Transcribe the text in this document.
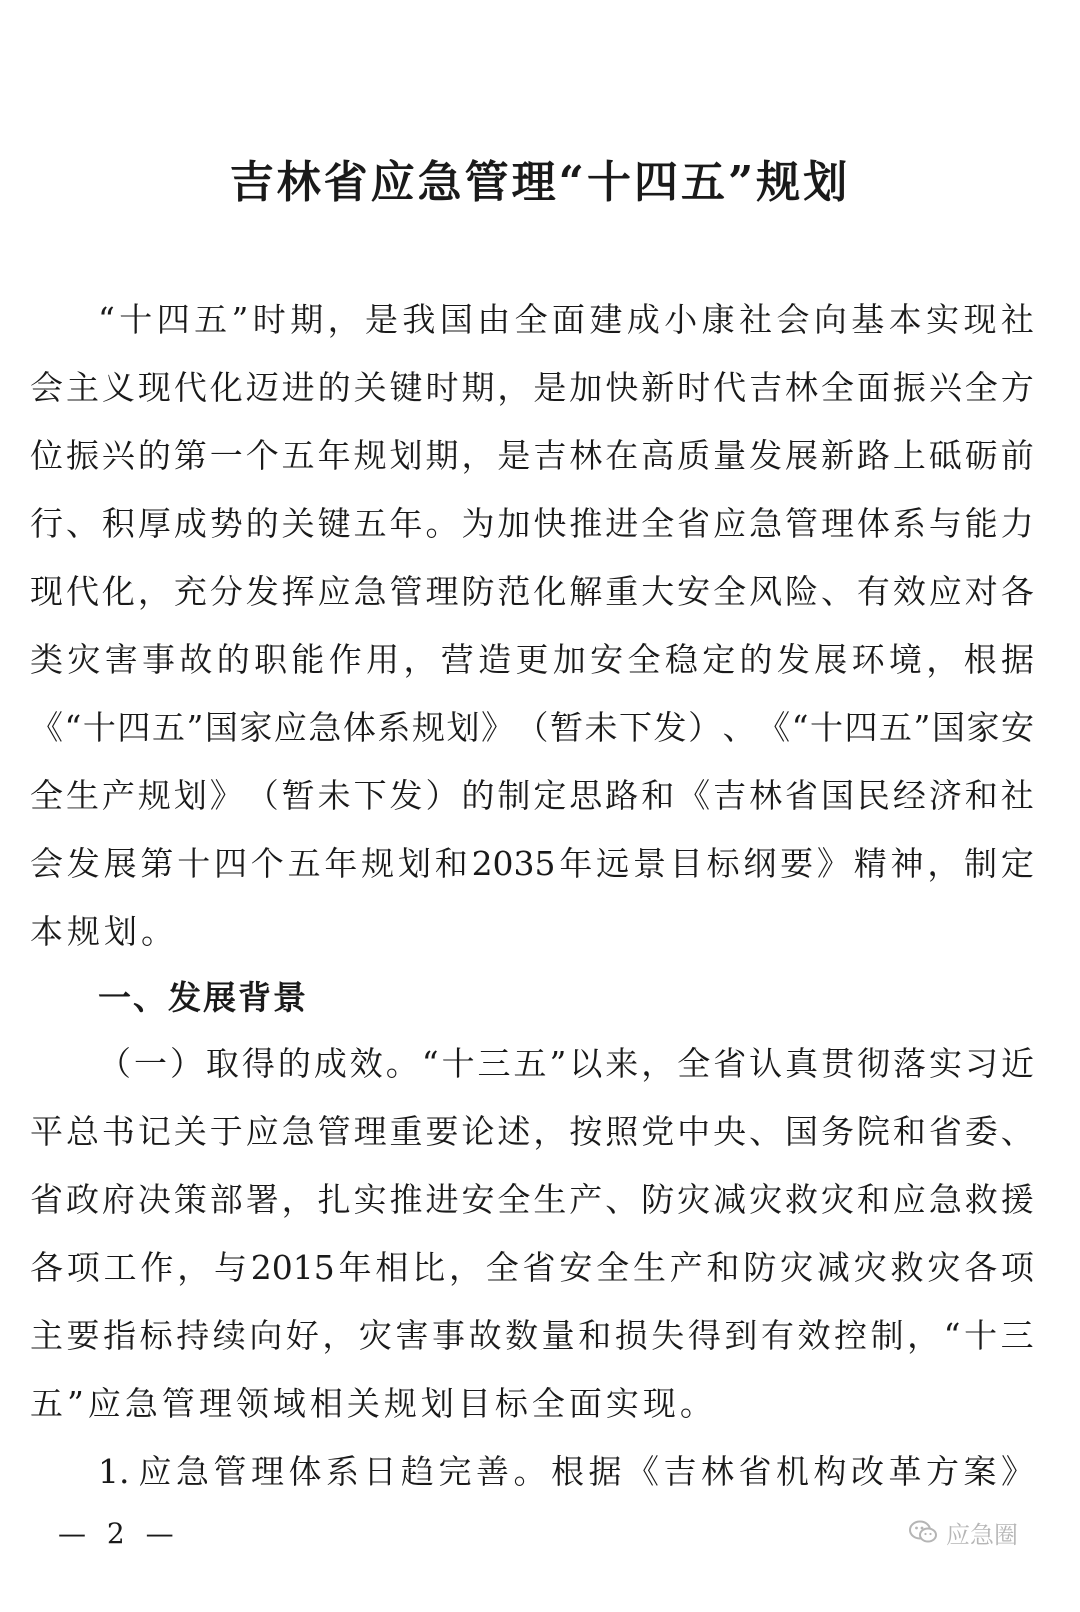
吉林省应急管理“十四五”规划
“ 十 四 五 ” 时 期 ， 是 我 国 由 全 面 建 成 小 康 社 会 向 基 本 实 现 社
会 主 义 现 代 化 迈 进 的 关 键 时 期 ， 是 加 快 新 时 代 吉 林 全 面 振 兴 全 方
位 振 兴 的 第 一 个 五 年 规 划 期 ， 是 吉 林 在 高 质 量 发 展 新 路 上 砥 砺 前
行 、 积 厚 成 势 的 关 键 五 年 。 为 加 快 推 进 全 省 应 急 管 理 体 系 与 能 力
现 代 化 ， 充 分 发 挥 应 急 管 理 防 范 化 解 重 大 安 全 风 险 、 有 效 应 对 各
类 灾 害 事 故 的 职 能 作 用 ， 营 造 更 加 安 全 稳 定 的 发 展 环 境 ， 根 据
《 “ 十 四 五 ” 国 家 应 急 体 系 规 划 》 （ 暂 未 下 发 ） 、 《 “ 十 四 五 ” 国 家 安
全 生 产 规 划 》 （ 暂 未 下 发 ） 的 制 定 思 路 和 《 吉 林 省 国 民 经 济 和 社
会 发 展 第 十 四 个 五 年 规 划 和 2035 年 远 景 目 标 纲 要 》 精 神 ， 制 定
本规划。
一、发展背景
（ 一 ） 取 得 的 成 效 。 “ 十 三 五 ” 以 来 ， 全 省 认 真 贯 彻 落 实 习 近
平 总 书 记 关 于 应 急 管 理 重 要 论 述 ， 按 照 党 中 央 、 国 务 院 和 省 委 、
省 政 府 决 策 部 署 ， 扎 实 推 进 安 全 生 产 、 防 灾 减 灾 救 灾 和 应 急 救 援
各 项 工 作 ， 与 2015 年 相 比 ， 全 省 安 全 生 产 和 防 灾 减 灾 救 灾 各 项
主 要 指 标 持 续 向 好 ， 灾 害 事 故 数 量 和 损 失 得 到 有 效 控 制 ， “ 十 三
五”应急管理领域相关规划目标全面实现。
1. 应 急 管 理 体 系 日 趋 完 善 。 根 据 《 吉 林 省 机 构 改 革 方 案 》
— 2 —	应急圈
